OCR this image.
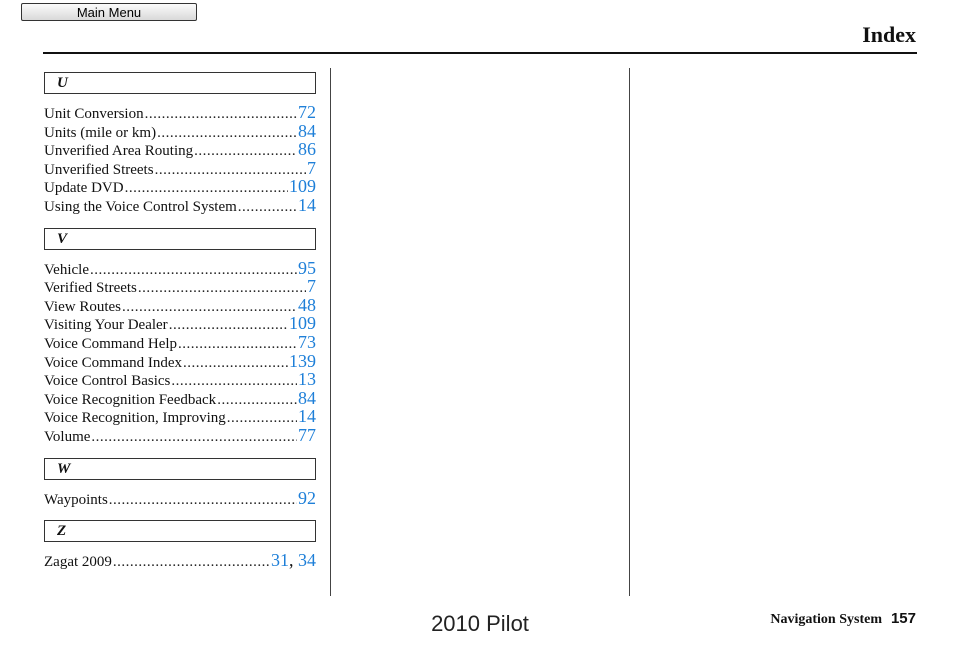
Main Menu
Index
U
Unit Conversion .....	72
Units (mile or km) .....	84
Unverified Area Routing .....	86
Unverified Streets .....	7
Update DVD .....	109
Using the Voice Control System .....	14
V
Vehicle .....	95
Verified Streets .....	7
View Routes .....	48
Visiting Your Dealer .....	109
Voice Command Help .....	73
Voice Command Index .....	139
Voice Control Basics .....	13
Voice Recognition Feedback .....	84
Voice Recognition, Improving .....	14
Volume .....	77
W
Waypoints .....	92
Z
Zagat 2009 .....	31, 34
Navigation System 157
2010 Pilot
